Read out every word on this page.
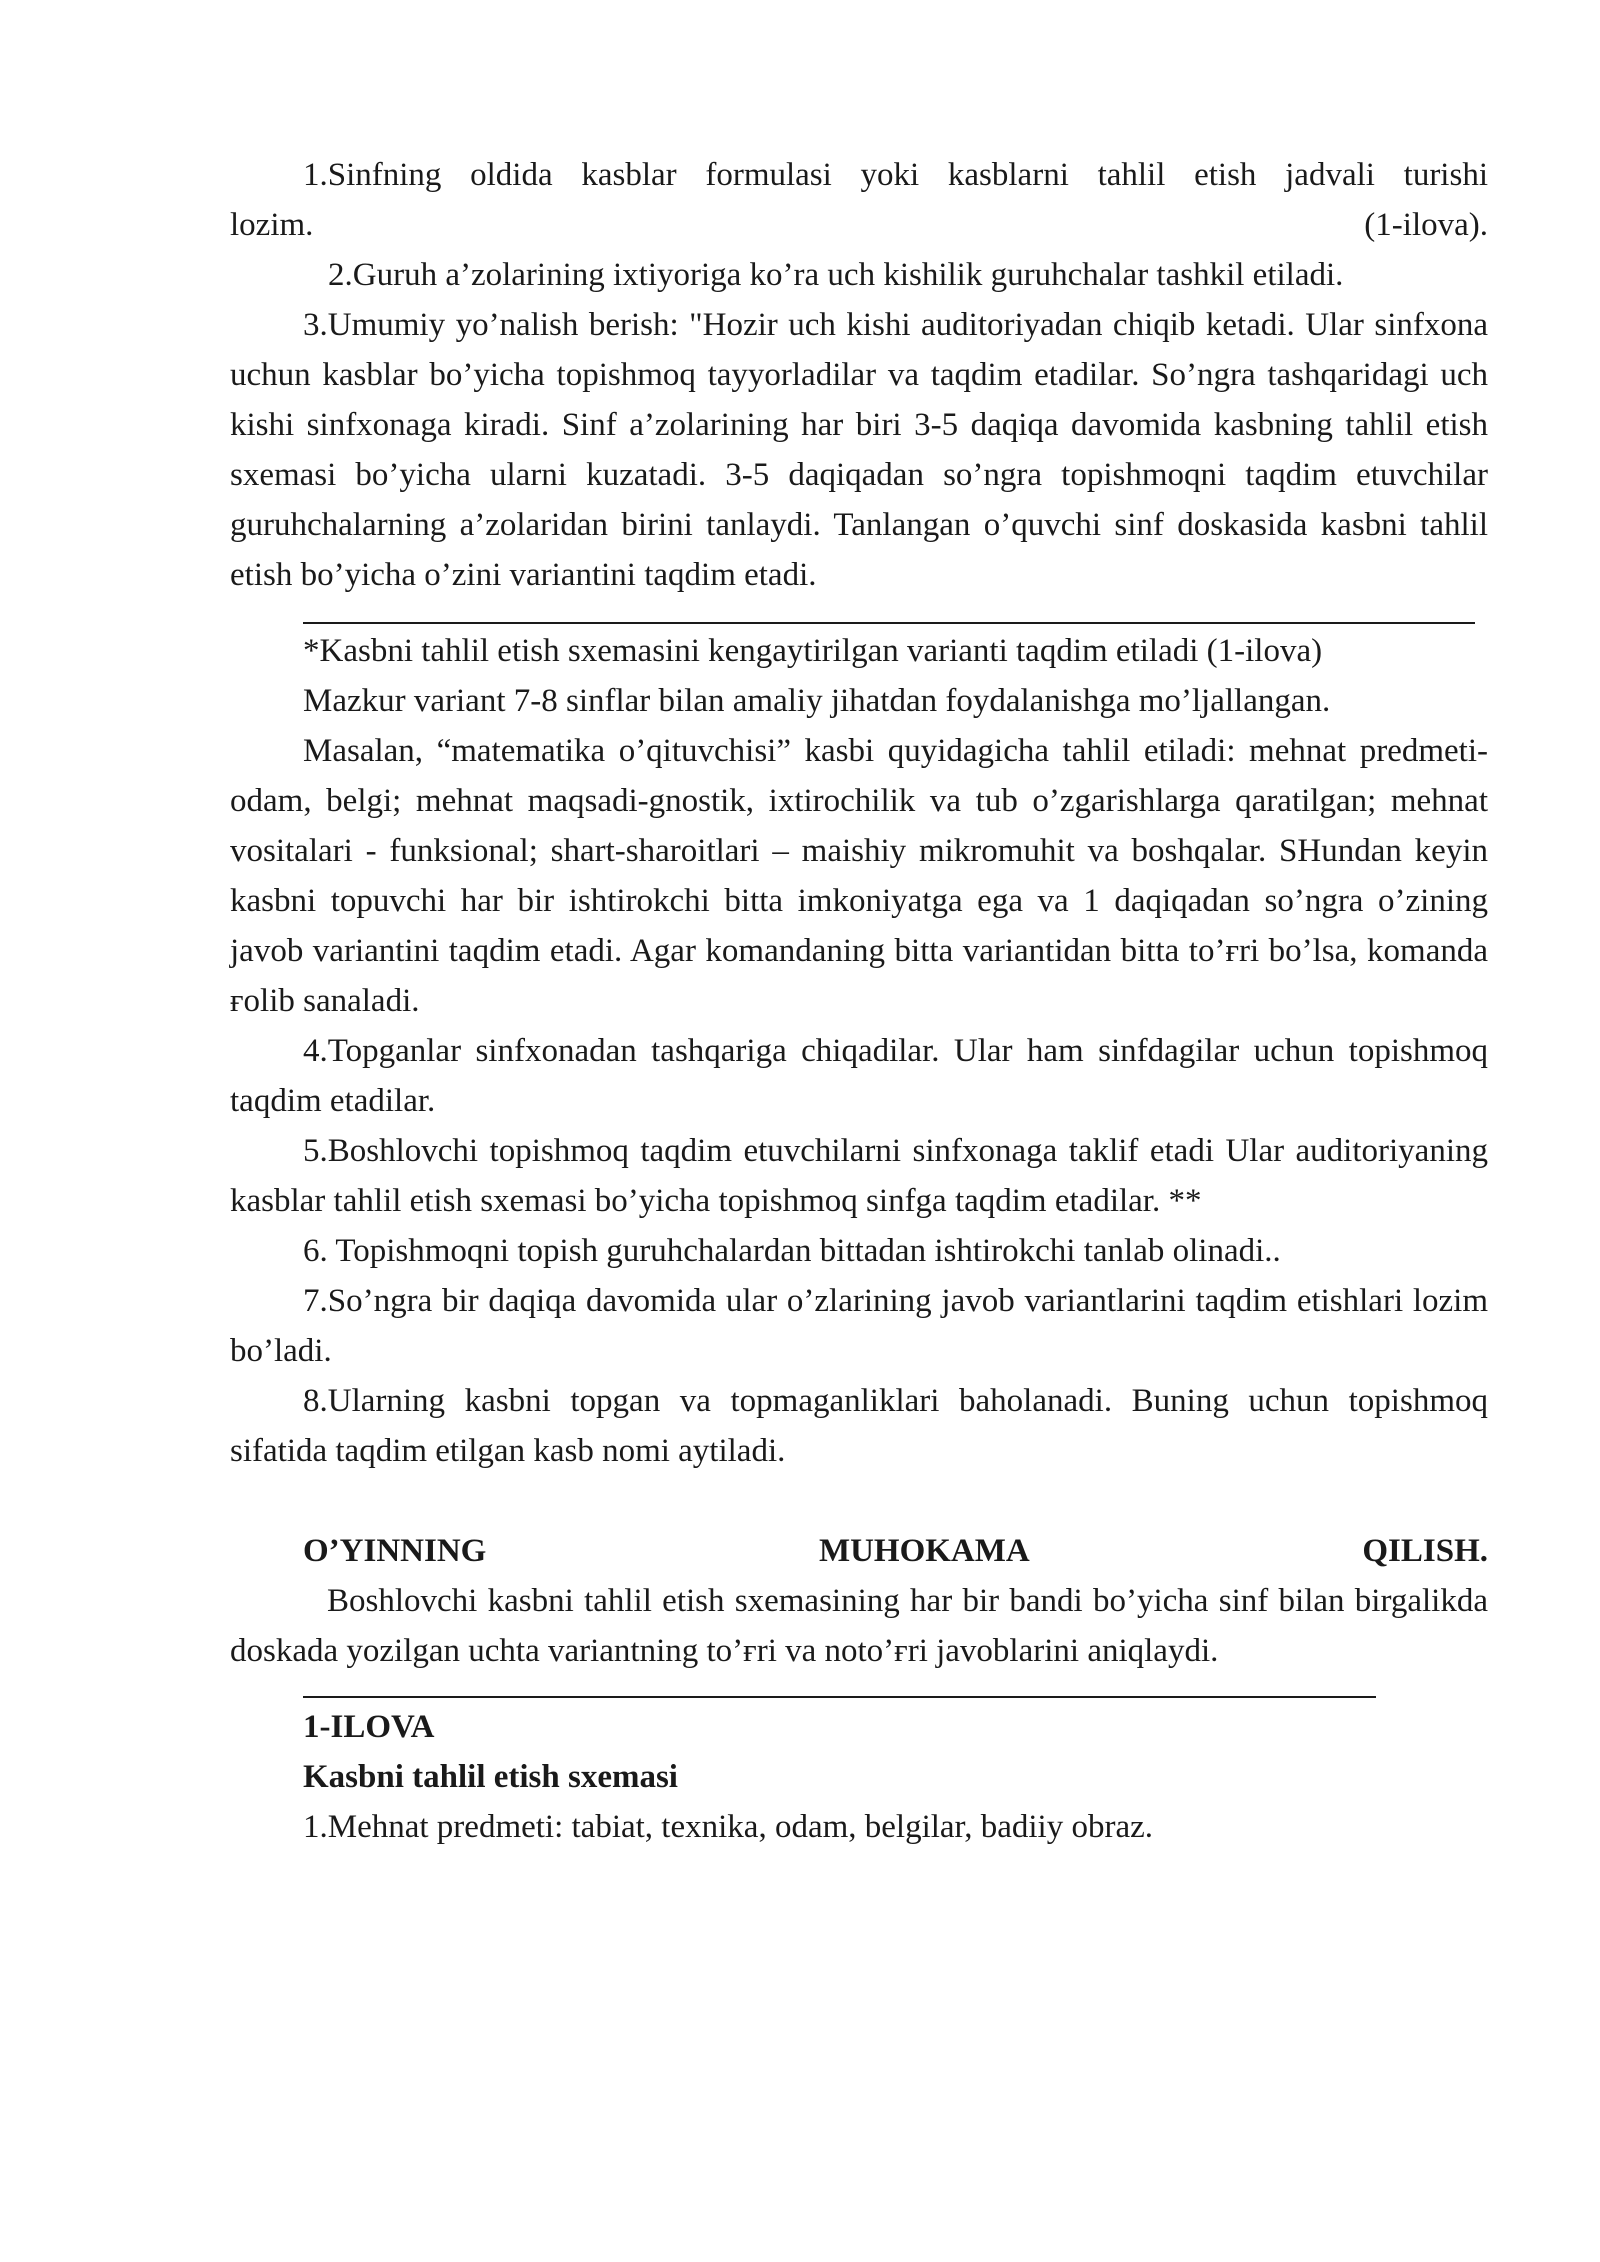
1.Sinfning oldida kasblar formulasi yoki kasblarni tahlil etish jadvali turishi

lozim.	(1-ilova).

2.Guruh a’zolarining ixtiyoriga ko’ra uch kishilik guruhchalar tashkil etiladi.

3.Umumiy yo’nalish berish: "Hozir uch kishi auditoriyadan chiqib ketadi. Ular sinfxona uchun kasblar bo’yicha topishmoq tayyorladilar va taqdim etadilar. So’ngra tashqaridagi uch kishi sinfxonaga kiradi. Sinf a’zolarining har biri 3-5 daqiqa davomida kasbning tahlil etish sxemasi bo’yicha ularni kuzatadi. 3-5 daqiqadan so’ngra topishmoqni taqdim etuvchilar guruhchalarning a’zolaridan birini tanlaydi. Tanlangan o’quvchi sinf doskasida kasbni tahlil etish bo’yicha o’zini variantini taqdim etadi.

*Kasbni tahlil etish sxemasini kengaytirilgan varianti taqdim etiladi (1-ilova)

Mazkur variant 7-8 sinflar bilan amaliy jihatdan foydalanishga mo’ljallangan.

Masalan, “matematika o’qituvchisi” kasbi quyidagicha tahlil etiladi: mehnat predmeti-odam, belgi; mehnat maqsadi-gnostik, ixtirochilik va tub o’zgarishlarga qaratilgan; mehnat vositalari - funksional; shart-sharoitlari – maishiy mikromuhit va boshqalar. SHundan keyin kasbni topuvchi har bir ishtirokchi bitta imkoniyatga ega va 1 daqiqadan so’ngra o’zining javob variantini taqdim etadi. Agar komandaning bitta variantidan bitta to’ғri bo’lsa, komanda ғolib sanaladi.

4.Topganlar sinfxonadan tashqariga chiqadilar. Ular ham sinfdagilar uchun topishmoq taqdim etadilar.

5.Boshlovchi topishmoq taqdim etuvchilarni sinfxonaga taklif etadi Ular auditoriyaning kasblar tahlil etish sxemasi bo’yicha topishmoq sinfga taqdim etadilar. **

6. Topishmoqni topish guruhchalardan bittadan ishtirokchi tanlab olinadi..

7.So’ngra bir daqiqa davomida ular o’zlarining javob variantlarini taqdim etishlari lozim bo’ladi.

8.Ularning kasbni topgan va topmaganliklari baholanadi. Buning uchun topishmoq sifatida taqdim etilgan kasb nomi aytiladi.

O’YINNING	MUHOKAMA	QILISH.

Boshlovchi kasbni tahlil etish sxemasining har bir bandi bo’yicha sinf bilan birgalikda doskada yozilgan uchta variantning to’ғri va noto’ғri javoblarini aniqlaydi.

1-ILOVA
Kasbni tahlil etish sxemasi
1.Mehnat predmeti: tabiat, texnika, odam, belgilar, badiiy obraz.
